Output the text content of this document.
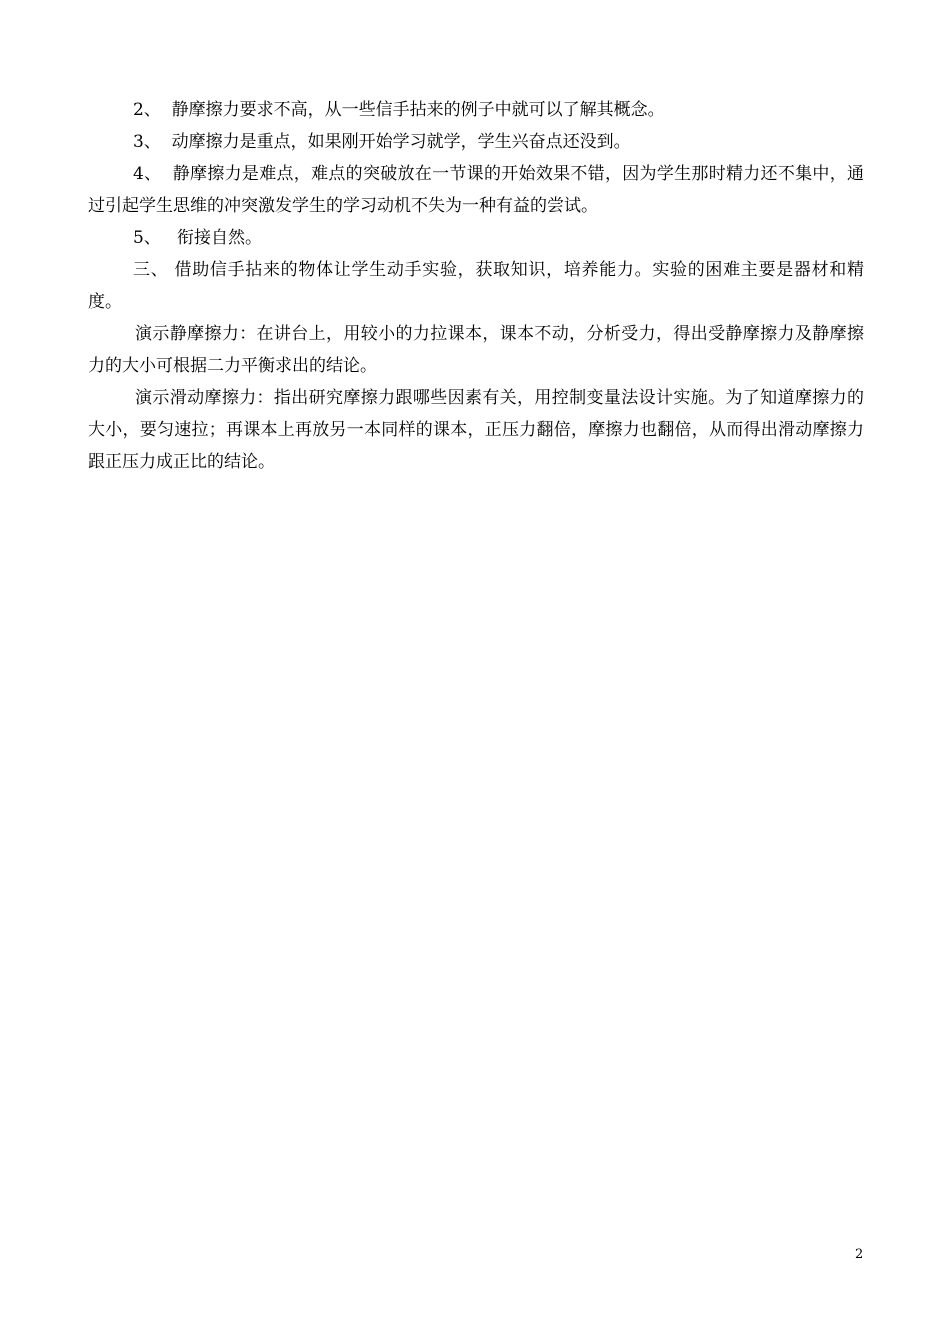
2、  静摩擦力要求不高，从一些信手拈来的例子中就可以了解其概念。

3、  动摩擦力是重点，如果刚开始学习就学，学生兴奋点还没到。

4、  静摩擦力是难点，难点的突破放在一节课的开始效果不错，因为学生那时精力还不集中，通过引起学生思维的冲突激发学生的学习动机不失为一种有益的尝试。

5、   衔接自然。

三、 借助信手拈来的物体让学生动手实验，获取知识，培养能力。实验的困难主要是器材和精度。

演示静摩擦力：在讲台上，用较小的力拉课本，课本不动，分析受力，得出受静摩擦力及静摩擦力的大小可根据二力平衡求出的结论。

演示滑动摩擦力：指出研究摩擦力跟哪些因素有关，用控制变量法设计实施。为了知道摩擦力的大小，要匀速拉；再课本上再放另一本同样的课本，正压力翻倍，摩擦力也翻倍，从而得出滑动摩擦力跟正压力成正比的结论。

2
